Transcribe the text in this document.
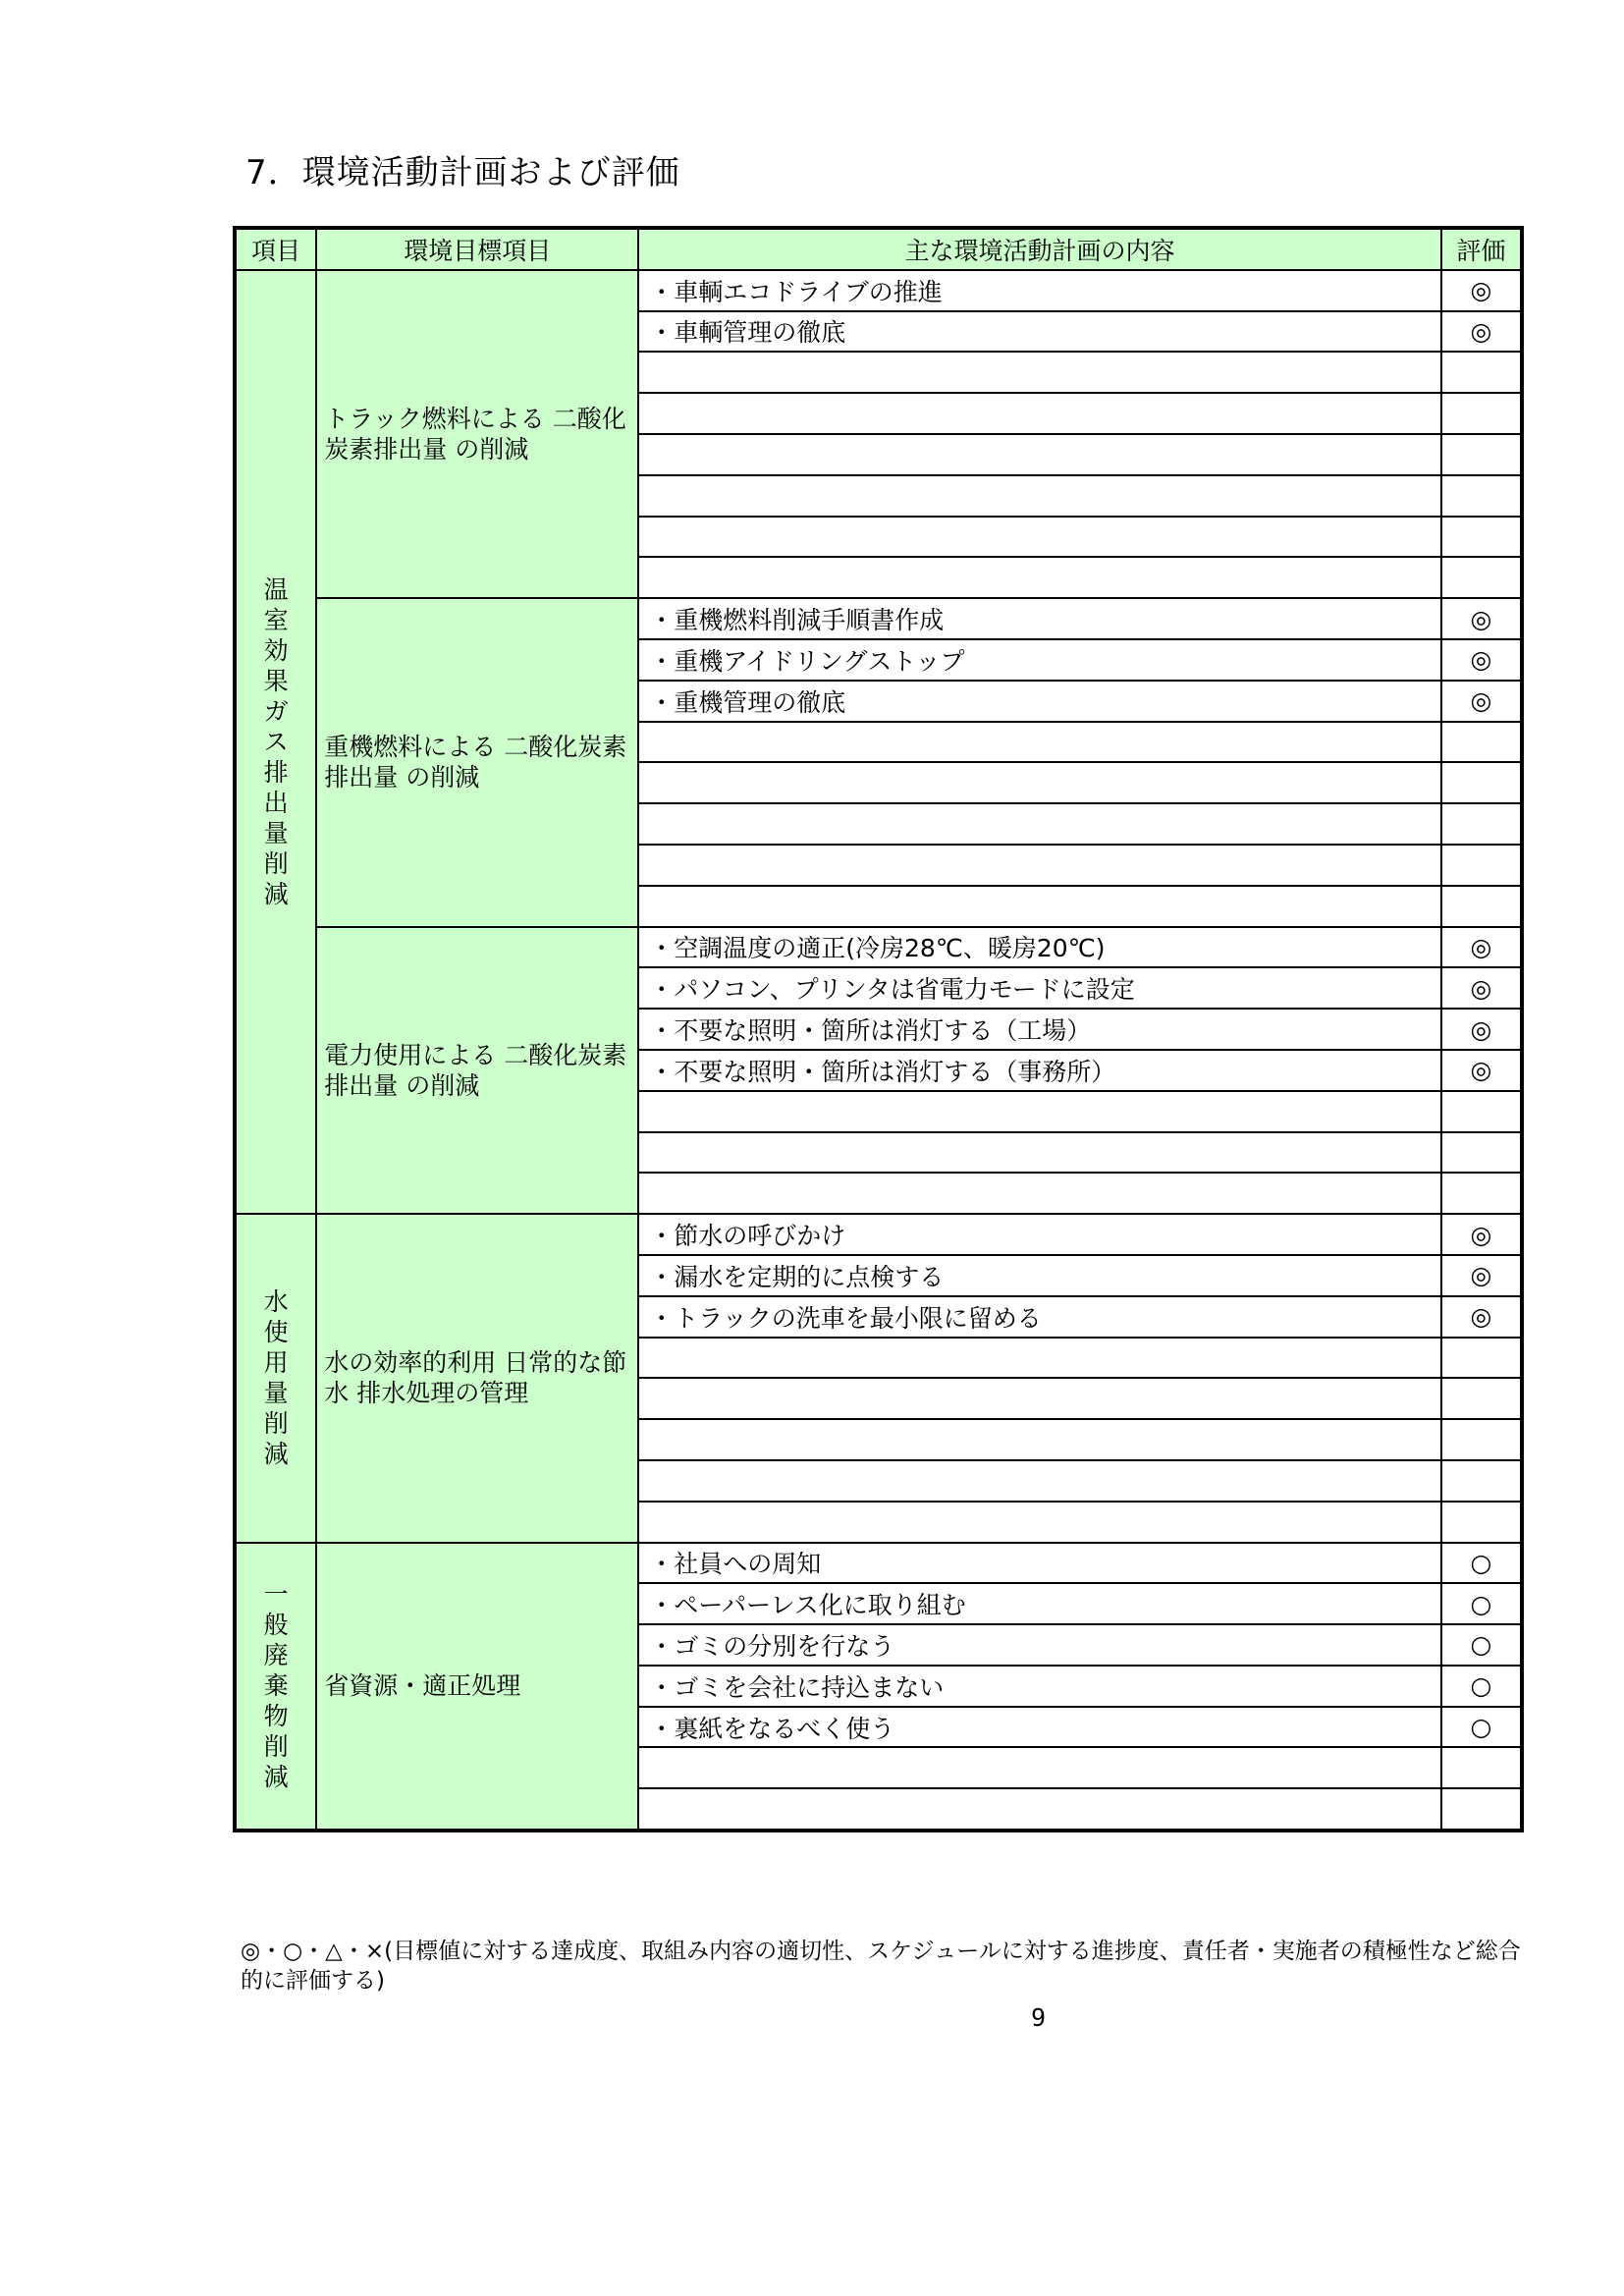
7．環境活動計画および評価
項目	環境目標項目	主な環境活動計画の内容	評価
温室効果ガス排出量削減	トラック燃料による 二酸化炭素排出量 の削減	・車輌エコドライブの推進	◎
		・車輌管理の徹底	◎

	重機燃料による 二酸化炭素排出量 の削減	・重機燃料削減手順書作成	◎
		・重機アイドリングストップ	◎
		・重機管理の徹底	◎

	電力使用による 二酸化炭素排出量 の削減	・空調温度の適正(冷房28℃、暖房20℃)	◎
		・パソコン、プリンタは省電力モードに設定	◎
		・不要な照明・箇所は消灯する（工場）	◎
		・不要な照明・箇所は消灯する（事務所）	◎

水使用量削減	水の効率的利用 日常的な節水 排水処理の管理	・節水の呼びかけ	◎
		・漏水を定期的に点検する	◎
		・トラックの洗車を最小限に留める	◎

一般廃棄物削減	省資源・適正処理	・社員への周知	○
		・ペーパーレス化に取り組む	○
		・ゴミの分別を行なう	○
		・ゴミを会社に持込まない	○
		・裏紙をなるべく使う	○

◎・○・△・×(目標値に対する達成度、取組み内容の適切性、スケジュールに対する進捗度、責任者・実施者の積極性など総合的に評価する)
9
